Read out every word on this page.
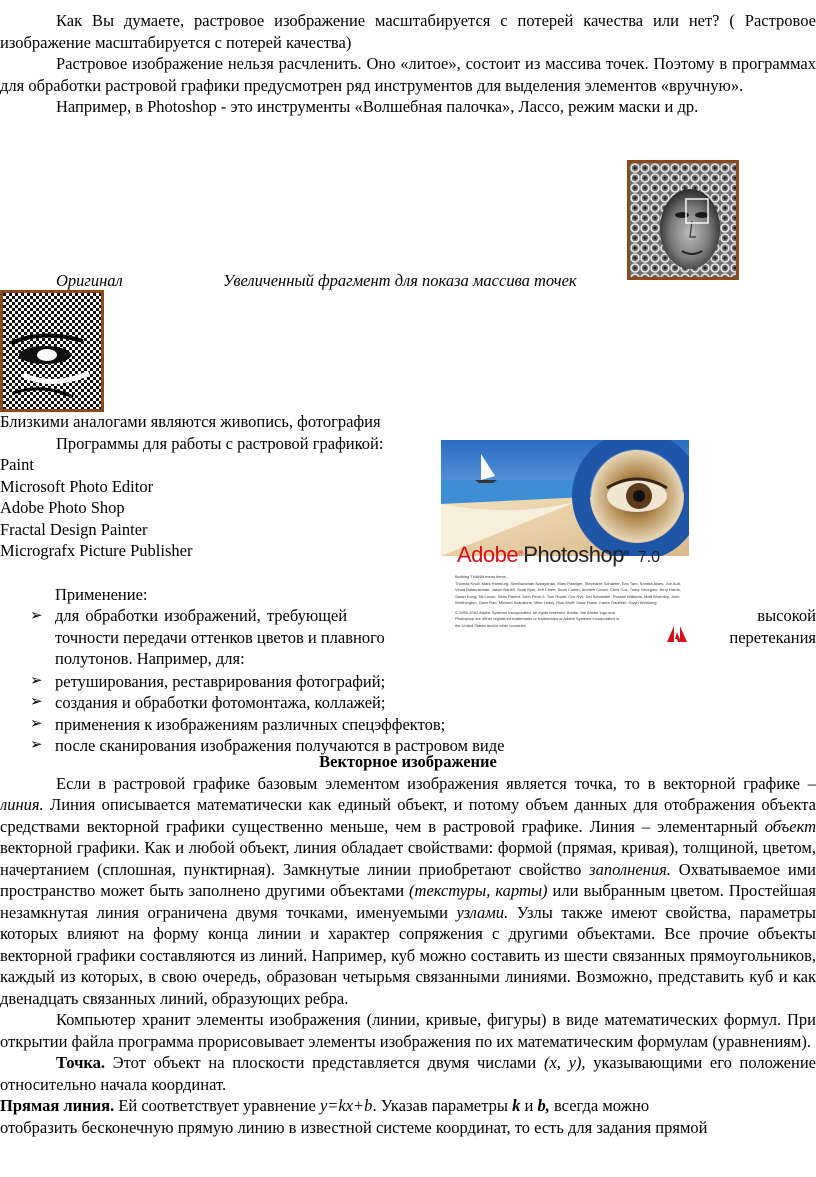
Как Вы думаете, растровое изображение масштабируется с потерей качества или нет? ( Растровое изображение масштабируется с потерей качества)

Растровое изображение нельзя расчленить. Оно «литое», состоит из массива точек. Поэтому в программах для обработки растровой графики предусмотрен ряд инструментов для выделения элементов «вручную».

Например, в Photoshop - это инструменты «Волшебная палочка», Лассо, режим маски и др.

Оригинал	Увеличенный фрагмент для показа массива точек

Близкими аналогами являются живопись, фотография

Программы для работы с растровой графикой:

Paint

Microsoft Photo Editor

Adobe Photo Shop

Fractal Design Painter

Micrografx Picture Publisher	Adobe®Photoshop® 7.0
Building THANN menu items...
Thomas Knoll, Mark Hamburg, Seetharaman Narayanan, Marc Pawliger, Stephanie Schaefer, Eao Tam, Sandra Alves, Joe Ault, Vinod Balakrishnan, Jason Bartell, Scott Byer, Jeff Chien, Scott Cohen, Andrew Coven, Chris Cox, Todor Georgiev, Jerry Harris, Sarah Kong, Tai Luxon, Sean Parent, John Penn II, Tom Ruark, Cris Rys, Del Schneider, Russell Williams, Matt Worrnley, John Worthington, Dave Rau, Michael Scarafone, Mike Leavy, Rick Wulff, Dave Howe, Karen Gauthier, Gwyn Weisberg
© 1990-2002 Adobe Systems Incorporated. All rights reserved. Adobe, the Adobe logo and Photoshop are either registered trademarks or trademarks of Adobe Systems Incorporated in the United States and/or other countries
Применение:
➢ для обработки изображений, требующей	высокой
точности передачи оттенков цветов и плавного	перетекания
полутонов. Например, для:
➢ ретуширования, реставрирования фотографий;
➢ создания и обработки фотомонтажа, коллажей;
➢ применения к изображениям различных спецэффектов;
➢ после сканирования изображения получаются в растровом виде

Векторное изображение

Если в растровой графике базовым элементом изображения является точка, то в векторной графике – линия. Линия описывается математически как единый объект, и потому объем данных для отображения объекта средствами векторной графики существенно меньше, чем в растровой графике. Линия – элементарный объект векторной графики. Как и любой объект, линия обладает свойствами: формой (прямая, кривая), толщиной, цветом, начертанием (сплошная, пунктирная). Замкнутые линии приобретают свойство заполнения. Охватываемое ими пространство может быть заполнено другими объектами (текстуры, карты) или выбранным цветом. Простейшая незамкнутая линия ограничена двумя точками, именуемыми узлами. Узлы также имеют свойства, параметры которых влияют на форму конца линии и характер сопряжения с другими объектами. Все прочие объекты векторной графики составляются из линий. Например, куб можно составить из шести связанных прямоугольников, каждый из которых, в свою очередь, образован четырьмя связанными линиями. Возможно, представить куб и как двенадцать связанных линий, образующих ребра.

Компьютер хранит элементы изображения (линии, кривые, фигуры) в виде математических формул. При открытии файла программа прорисовывает элементы изображения по их математическим формулам (уравнениям).

Точка. Этот объект на плоскости представляется двумя числами (x, y), указывающими его положение относительно начала координат.

Прямая линия. Ей соответствует уравнение y=kx+b. Указав параметры k и b, всегда можно

отобразить бесконечную прямую линию в известной системе координат, то есть для задания прямой
